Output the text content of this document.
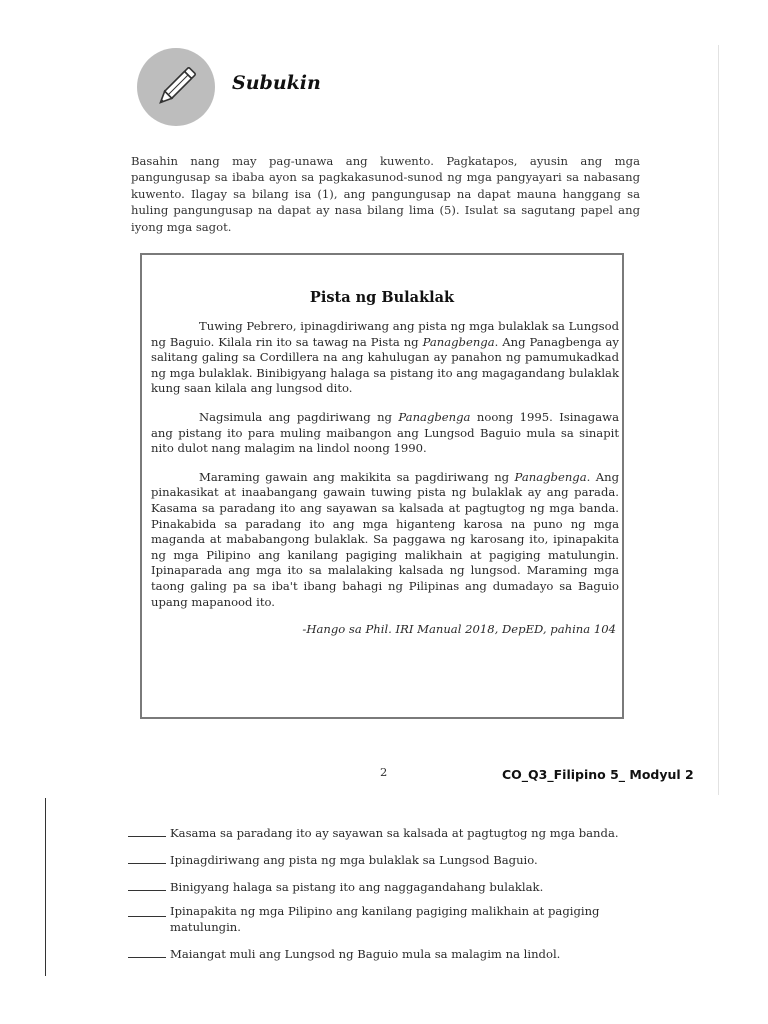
Subukin
Basahin nang may pag-unawa ang kuwento. Pagkatapos, ayusin ang mga pangungusap sa ibaba ayon sa pagkakasunod-sunod ng mga pangyayari sa nabasang kuwento. Ilagay sa bilang isa (1), ang pangungusap na dapat mauna hanggang sa huling pangungusap na dapat ay nasa bilang lima (5). Isulat sa sagutang papel ang iyong mga sagot.
Pista ng Bulaklak

Tuwing Pebrero, ipinagdiriwang ang pista ng mga bulaklak sa Lungsod ng Baguio. Kilala rin ito sa tawag na Pista ng Panagbenga. Ang Panagbenga ay salitang galing sa Cordillera na ang kahulugan ay panahon ng pamumukadkad ng mga bulaklak. Binibigyang halaga sa pistang ito ang magagandang bulaklak kung saan kilala ang lungsod dito.

Nagsimula ang pagdiriwang ng Panagbenga noong 1995. Isinagawa ang pistang ito para muling maibangon ang Lungsod Baguio mula sa sinapit nito dulot nang malagim na lindol noong 1990.

Maraming gawain ang makikita sa pagdiriwang ng Panagbenga. Ang pinakasikat at inaabangang gawain tuwing pista ng bulaklak ay ang parada. Kasama sa paradang ito ang sayawan sa kalsada at pagtugtog ng mga banda. Pinakabida sa paradang ito ang mga higanteng karosa na puno ng mga maganda at mababangong bulaklak. Sa paggawa ng karosang ito, ipinapakita ng mga Pilipino ang kanilang pagiging malikhain at pagiging matulungin. Ipinaparada ang mga ito sa malalaking kalsada ng lungsod. Maraming mga taong galing pa sa iba't ibang bahagi ng Pilipinas ang dumadayo sa Baguio upang mapanood ito.

-Hango sa Phil. IRI Manual 2018, DepED, pahina 104
2	CO_Q3_Filipino 5_ Modyul 2
Kasama sa paradang ito ay sayawan sa kalsada at pagtugtog ng mga banda.
Ipinagdiriwang ang pista ng mga bulaklak sa Lungsod Baguio.
Binigyang halaga sa pistang ito ang naggagandahang bulaklak.
Ipinapakita ng mga Pilipino ang kanilang pagiging malikhain at pagiging matulungin.
Maiangat muli ang Lungsod ng Baguio mula sa malagim na lindol.
